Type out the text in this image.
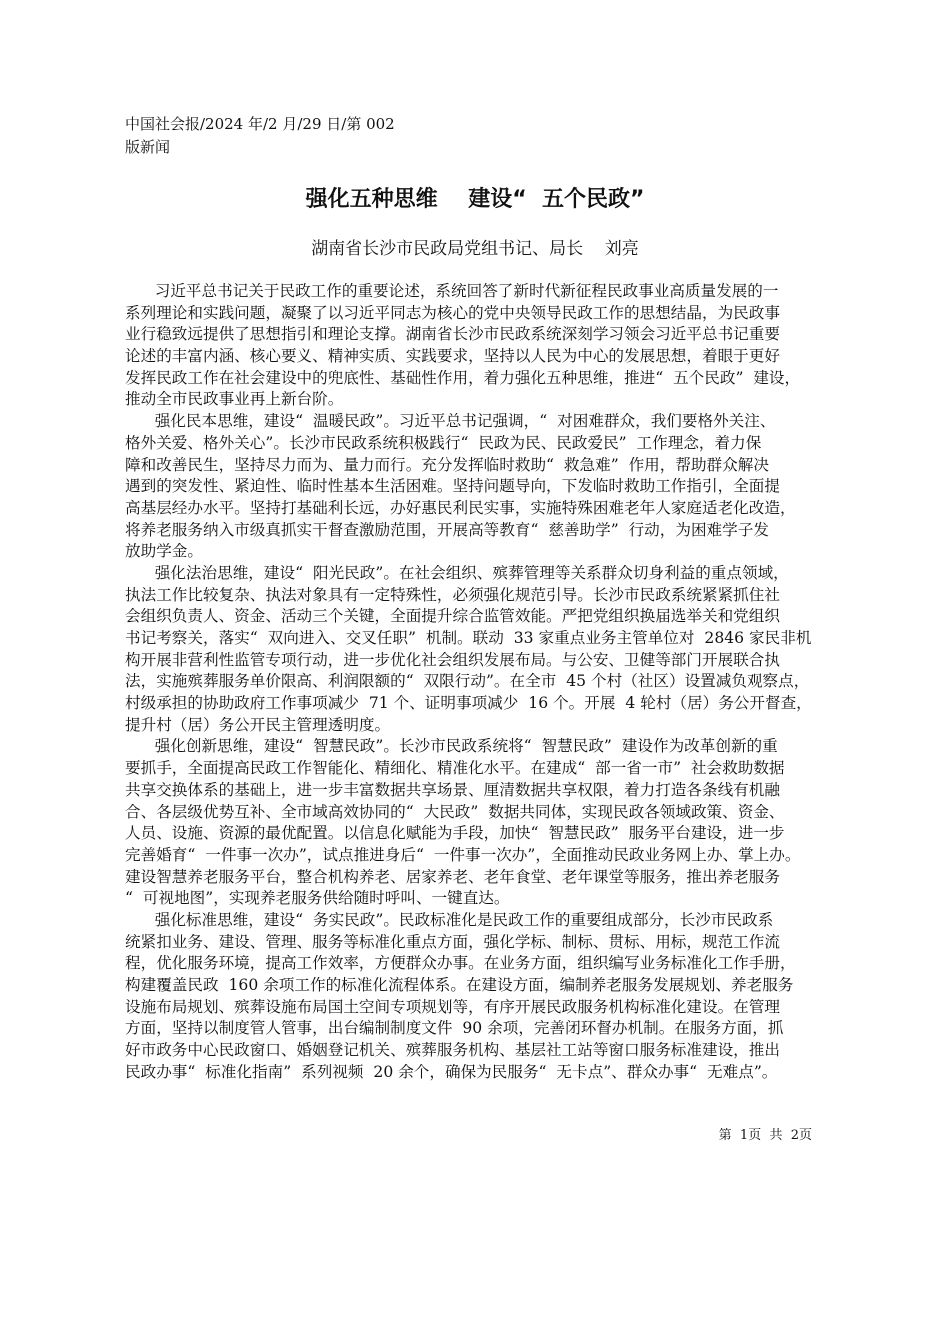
中国社会报/2024 年/2 月/29 日/第 002
版新闻
强化五种思维    建设“  五个民政”
湖南省长沙市民政局党组书记、局长    刘亮
习近平总书记关于民政工作的重要论述，系统回答了新时代新征程民政事业高质量发展的一
系列理论和实践问题，凝聚了以习近平同志为核心的党中央领导民政工作的思想结晶，为民政事
业行稳致远提供了思想指引和理论支撑。湖南省长沙市民政系统深刻学习领会习近平总书记重要
论述的丰富内涵、核心要义、精神实质、实践要求，坚持以人民为中心的发展思想，着眼于更好
发挥民政工作在社会建设中的兜底性、基础性作用，着力强化五种思维，推进“  五个民政”  建设，
推动全市民政事业再上新台阶。
强化民本思维，建设“  温暖民政”。习近平总书记强调，“  对困难群众，我们要格外关注、
格外关爱、格外关心”。长沙市民政系统积极践行“  民政为民、民政爱民”  工作理念，着力保
障和改善民生，坚持尽力而为、量力而行。充分发挥临时救助“  救急难”  作用，帮助群众解决
遇到的突发性、紧迫性、临时性基本生活困难。坚持问题导向，下发临时救助工作指引，全面提
高基层经办水平。坚持打基础利长远，办好惠民利民实事，实施特殊困难老年人家庭适老化改造，
将养老服务纳入市级真抓实干督查激励范围，开展高等教育“  慈善助学”  行动，为困难学子发
放助学金。
强化法治思维，建设“  阳光民政”。在社会组织、殡葬管理等关系群众切身利益的重点领域，
执法工作比较复杂、执法对象具有一定特殊性，必须强化规范引导。长沙市民政系统紧紧抓住社
会组织负责人、资金、活动三个关键，全面提升综合监管效能。严把党组织换届选举关和党组织
书记考察关，落实“  双向进入、交叉任职”  机制。联动  33 家重点业务主管单位对  2846 家民非机
构开展非营利性监管专项行动，进一步优化社会组织发展布局。与公安、卫健等部门开展联合执
法，实施殡葬服务单价限高、利润限额的“  双限行动”。在全市  45 个村（社区）设置减负观察点，
村级承担的协助政府工作事项减少  71 个、证明事项减少  16 个。开展  4 轮村（居）务公开督查，
提升村（居）务公开民主管理透明度。
强化创新思维，建设“  智慧民政”。长沙市民政系统将“  智慧民政”  建设作为改革创新的重
要抓手，全面提高民政工作智能化、精细化、精准化水平。在建成“  部一省一市”  社会救助数据
共享交换体系的基础上，进一步丰富数据共享场景、厘清数据共享权限，着力打造各条线有机融
合、各层级优势互补、全市域高效协同的“  大民政”  数据共同体，实现民政各领域政策、资金、
人员、设施、资源的最优配置。以信息化赋能为手段，加快“  智慧民政”  服务平台建设，进一步
完善婚育“  一件事一次办”，试点推进身后“  一件事一次办”，全面推动民政业务网上办、掌上办。
建设智慧养老服务平台，整合机构养老、居家养老、老年食堂、老年课堂等服务，推出养老服务
“  可视地图”，实现养老服务供给随时呼叫、一键直达。
强化标准思维，建设“  务实民政”。民政标准化是民政工作的重要组成部分，长沙市民政系
统紧扣业务、建设、管理、服务等标准化重点方面，强化学标、制标、贯标、用标，规范工作流
程，优化服务环境，提高工作效率，方便群众办事。在业务方面，组织编写业务标准化工作手册，
构建覆盖民政  160 余项工作的标准化流程体系。在建设方面，编制养老服务发展规划、养老服务
设施布局规划、殡葬设施布局国土空间专项规划等，有序开展民政服务机构标准化建设。在管理
方面，坚持以制度管人管事，出台编制制度文件  90 余项，完善闭环督办机制。在服务方面，抓
好市政务中心民政窗口、婚姻登记机关、殡葬服务机构、基层社工站等窗口服务标准建设，推出
民政办事“  标准化指南”  系列视频  20 余个，确保为民服务“  无卡点”、群众办事“  无难点”。
第  1页  共  2页
